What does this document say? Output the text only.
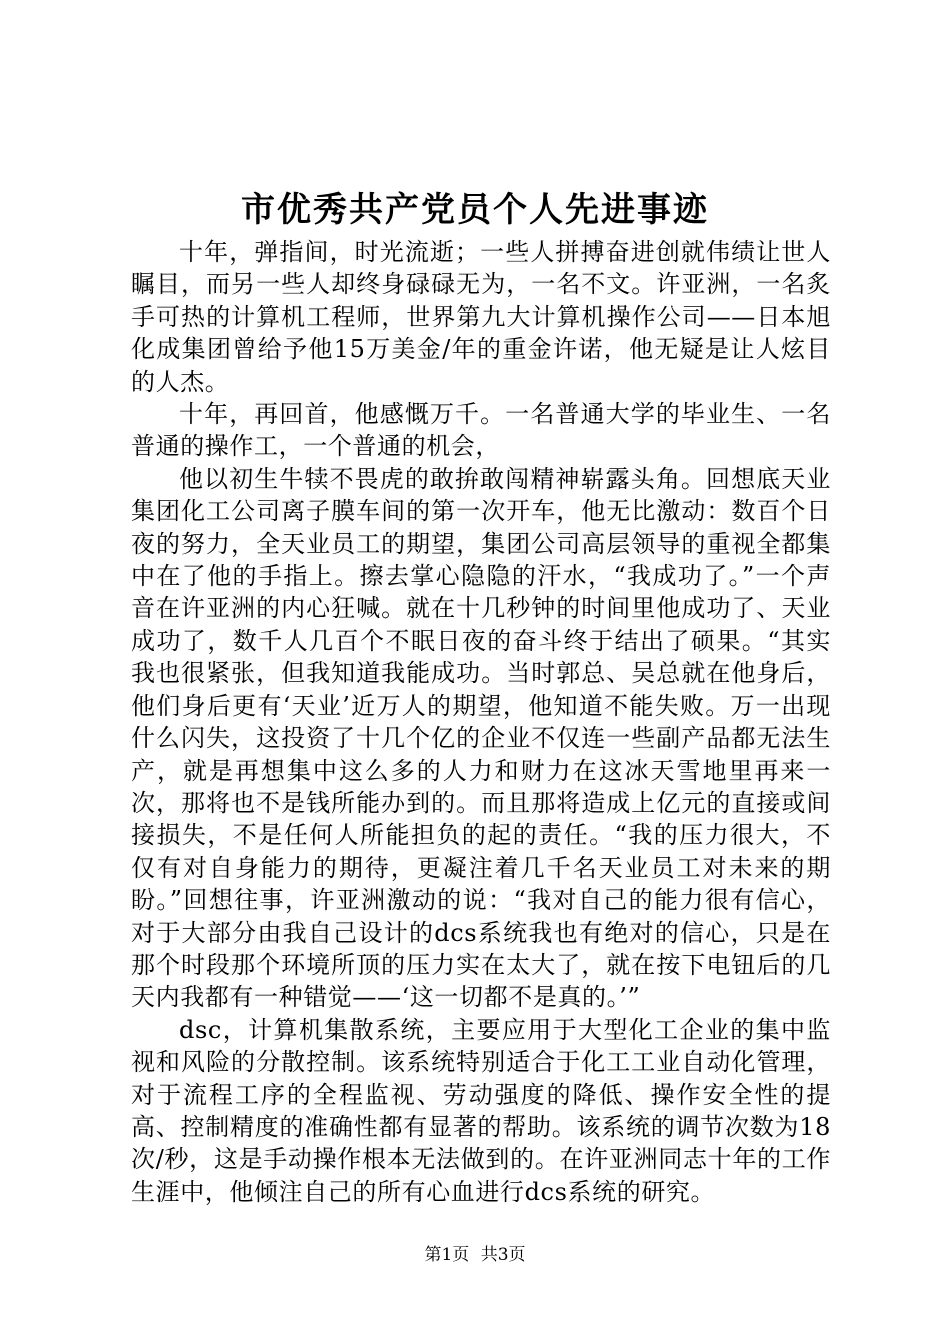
市优秀共产党员个人先进事迹

十年，弹指间，时光流逝；一些人拼搏奋进创就伟绩让世人瞩目，而另一些人却终身碌碌无为，一名不文。许亚洲，一名炙手可热的计算机工程师，世界第九大计算机操作公司——日本旭化成集团曾给予他15万美金/年的重金许诺，他无疑是让人炫目的人杰。

十年，再回首，他感慨万千。一名普通大学的毕业生、一名普通的操作工，一个普通的机会，

他以初生牛犊不畏虎的敢拚敢闯精神崭露头角。回想底天业集团化工公司离子膜车间的第一次开车，他无比激动：数百个日夜的努力，全天业员工的期望，集团公司高层领导的重视全都集中在了他的手指上。擦去掌心隐隐的汗水，“我成功了。”一个声音在许亚洲的内心狂喊。就在十几秒钟的时间里他成功了、天业成功了，数千人几百个不眠日夜的奋斗终于结出了硕果。“其实我也很紧张，但我知道我能成功。当时郭总、吴总就在他身后，他们身后更有‘天业’近万人的期望，他知道不能失败。万一出现什么闪失，这投资了十几个亿的企业不仅连一些副产品都无法生产，就是再想集中这么多的人力和财力在这冰天雪地里再来一次，那将也不是钱所能办到的。而且那将造成上亿元的直接或间接损失，不是任何人所能担负的起的责任。“我的压力很大，不仅有对自身能力的期待，更凝注着几千名天业员工对未来的期盼。”回想往事，许亚洲激动的说：“我对自己的能力很有信心，对于大部分由我自己设计的dcs系统我也有绝对的信心，只是在那个时段那个环境所顶的压力实在太大了，就在按下电钮后的几天内我都有一种错觉——‘这一切都不是真的。’”

dsc，计算机集散系统，主要应用于大型化工企业的集中监视和风险的分散控制。该系统特别适合于化工工业自动化管理，对于流程工序的全程监视、劳动强度的降低、操作安全性的提高、控制精度的准确性都有显著的帮助。该系统的调节次数为18次/秒，这是手动操作根本无法做到的。在许亚洲同志十年的工作生涯中，他倾注自己的所有心血进行dcs系统的研究。

第1页 共3页
